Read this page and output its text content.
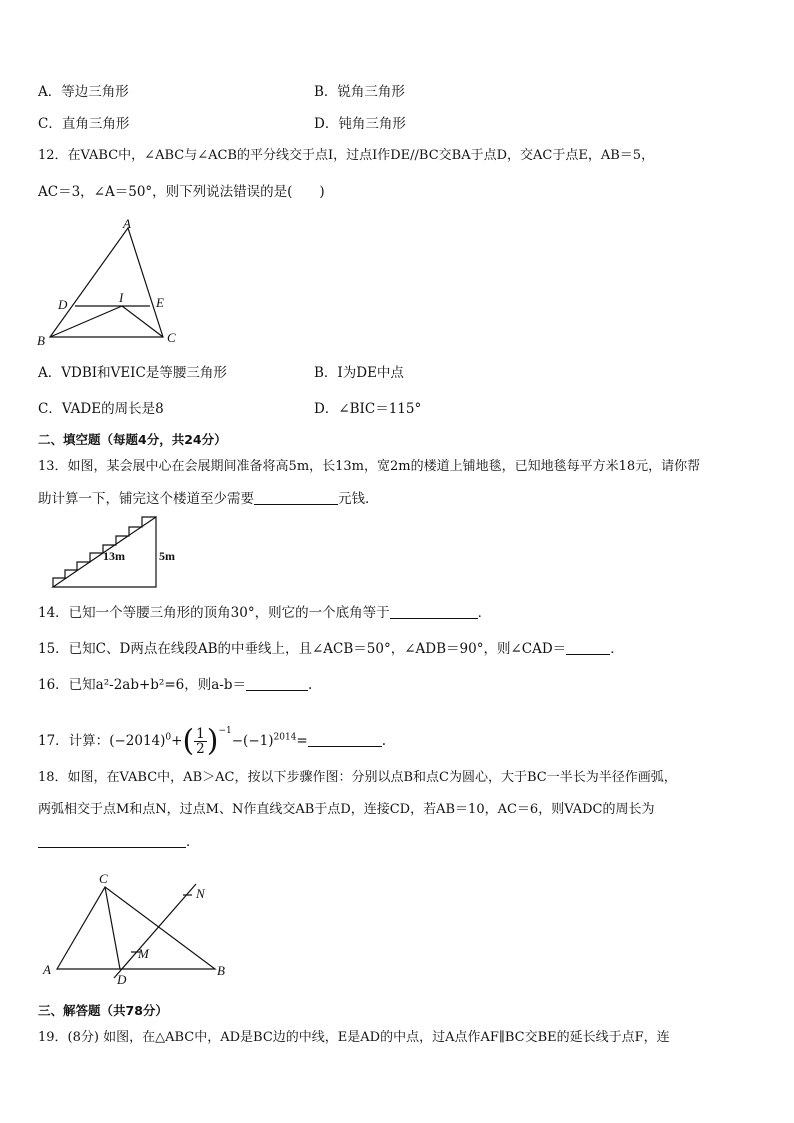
A．等边三角形	B．锐角三角形
C．直角三角形	D．钝角三角形
12．在VABC中，∠ABC与∠ACB的平分线交于点I，过点I作DE//BC交BA于点D，交AC于点E，AB＝5，
AC＝3，∠A＝50°，则下列说法错误的是(　　)
A
D	I	E
B	C
A．VDBI和VEIC是等腰三角形	B．I为DE中点
C．VADE的周长是8	D．∠BIC＝115°
二、填空题（每题4分，共24分）
13．如图，某会展中心在会展期间准备将高5m，长13m，宽2m的楼道上铺地毯，已知地毯每平方米18元，请你帮
助计算一下，铺完这个楼道至少需要	元钱．
13m	5m
14．已知一个等腰三角形的顶角30°，则它的一个底角等于	．
15．已知C、D两点在线段AB的中垂线上，且∠ACB＝50°，∠ADB＝90°，则∠CAD＝	．
16．已知a²-2ab+b²=6，则a-b＝	.
17．计算：$(-2014)^0+( \frac{1}{2} )^{-1}-(-1)^{2014}=$	.
18．如图，在VABC中，AB＞AC，按以下步骤作图：分别以点B和点C为圆心，大于BC一半长为半径作画弧，
两弧相交于点M和点N，过点M、N作直线交AB于点D，连接CD，若AB＝10，AC＝6，则VADC的周长为
．
C
N
M
A
D
B
三、解答题（共78分）
19．(8分) 如图，在△ABC中，AD是BC边的中线，E是AD的中点，过A点作AF∥BC交BE的延长线于点F，连
